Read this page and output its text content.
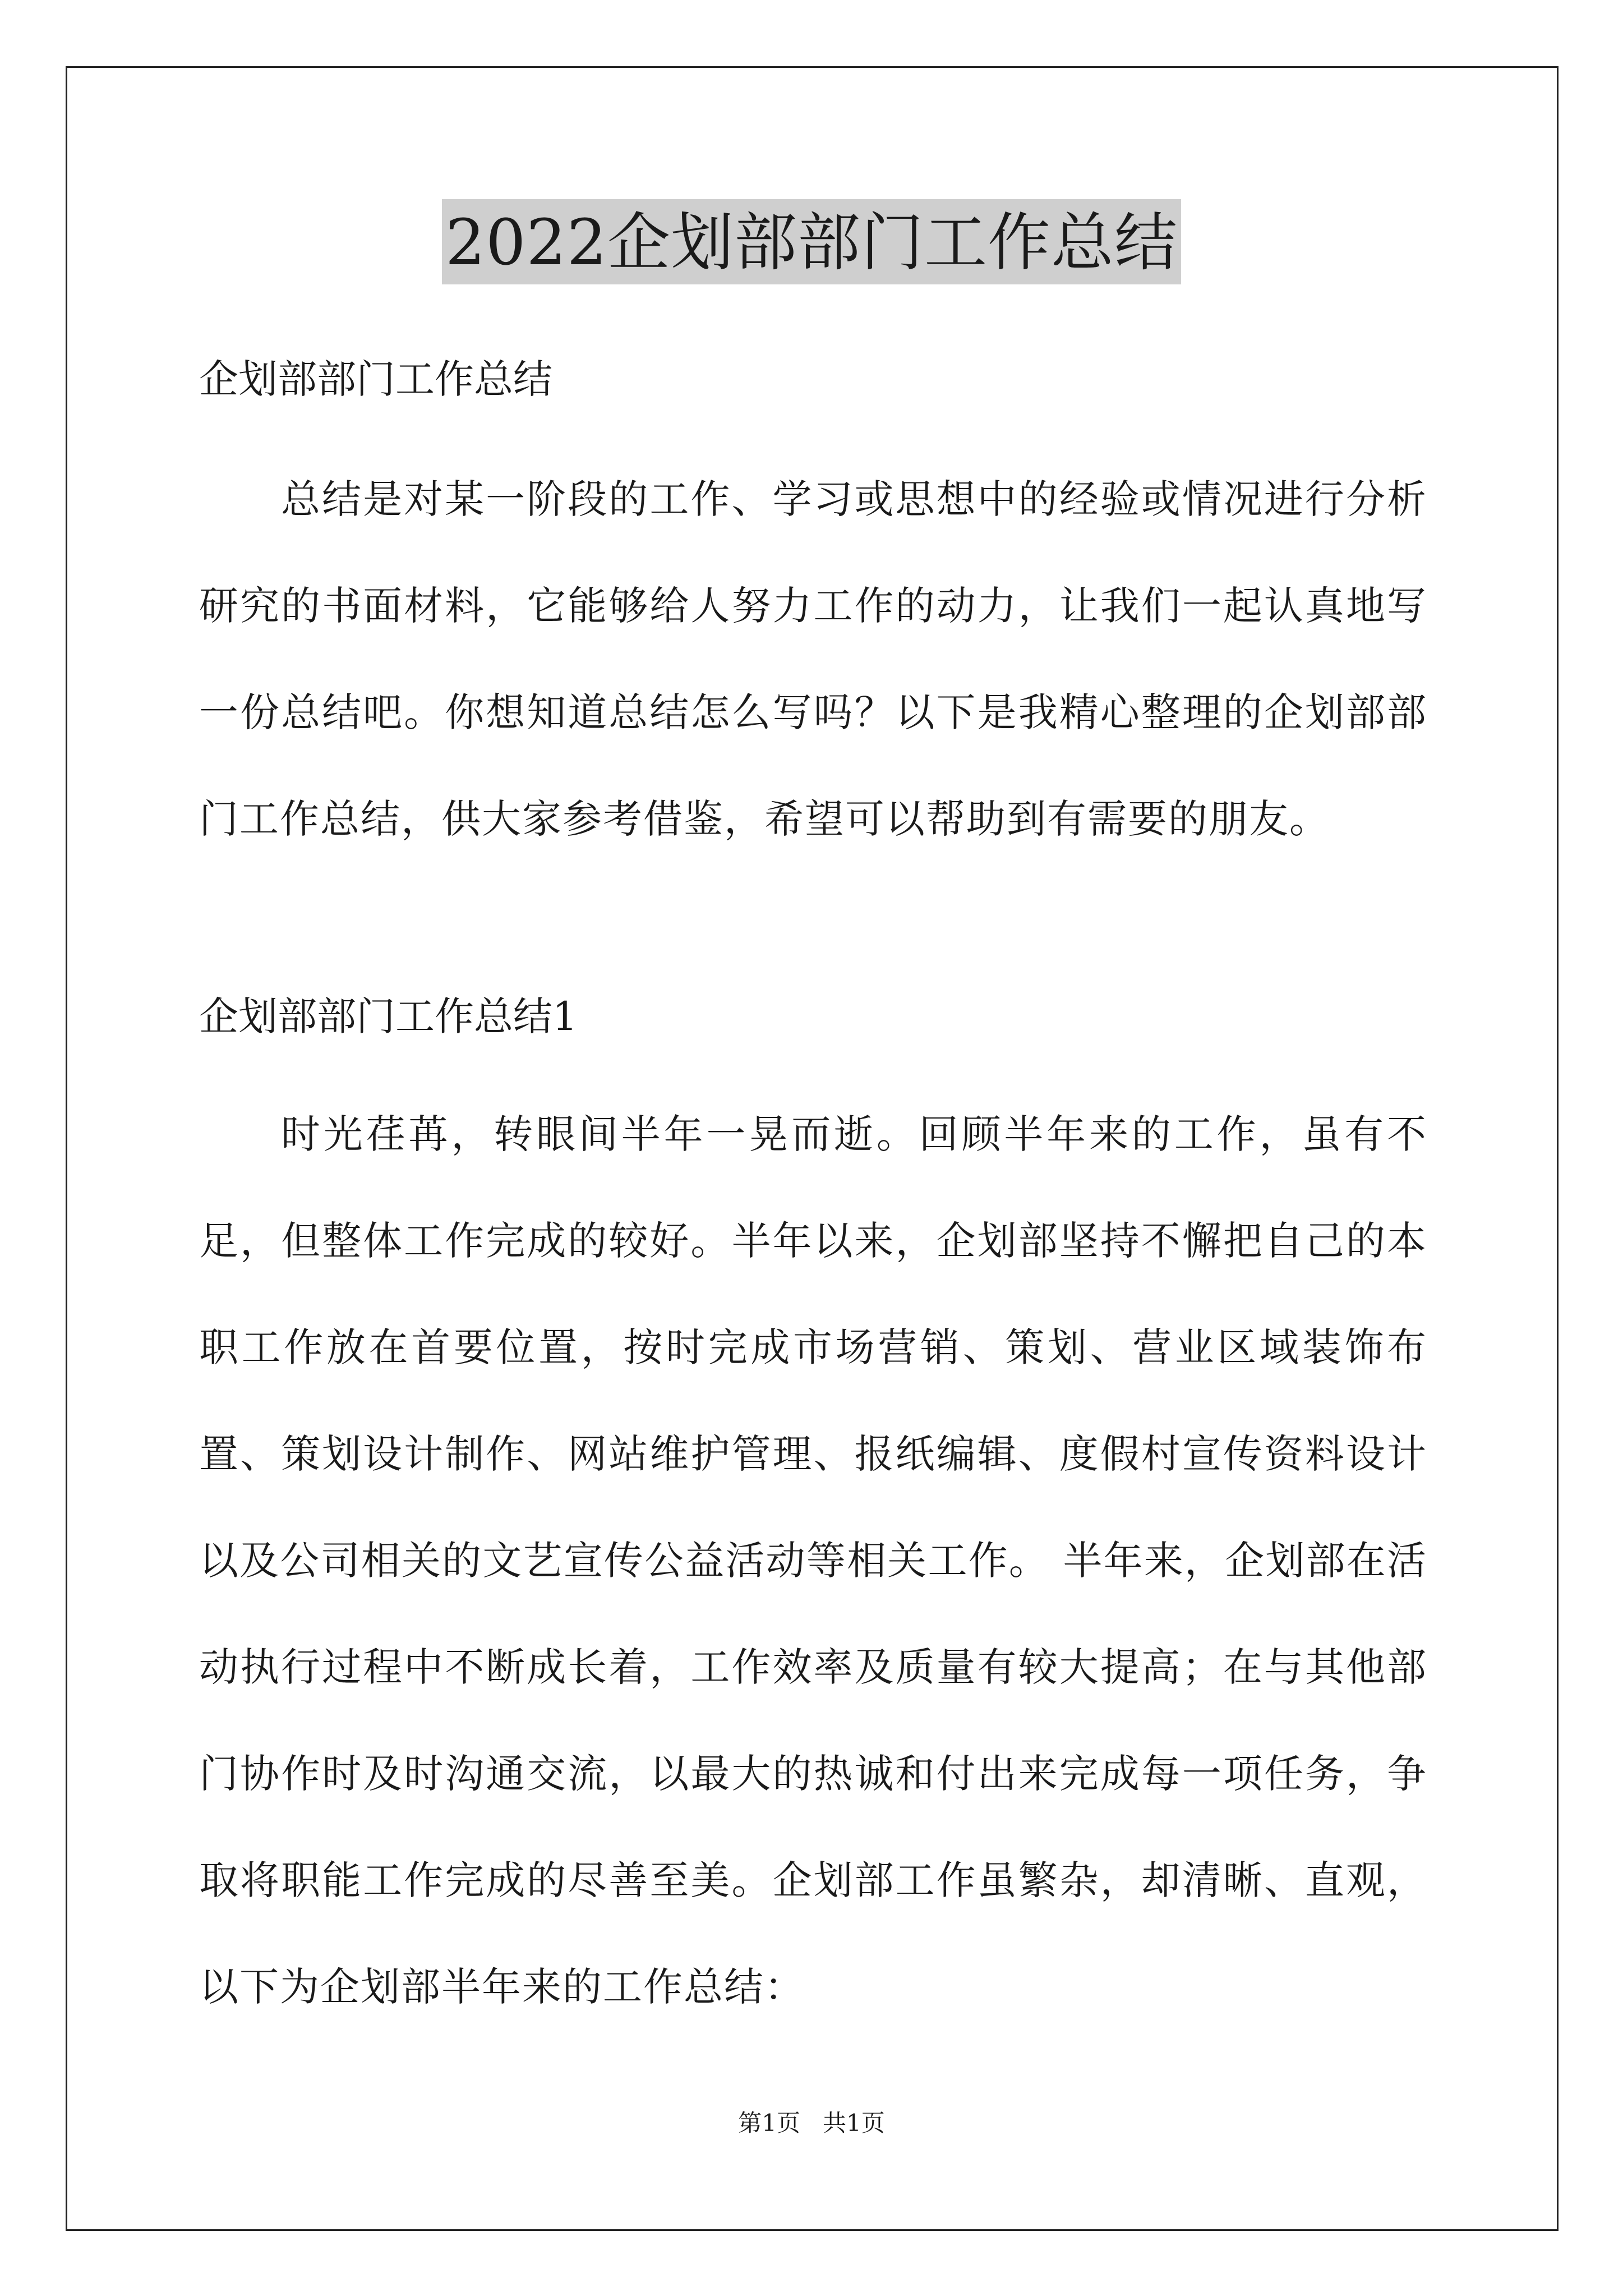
2022企划部部门工作总结

企划部部门工作总结

总结是对某一阶段的工作、学习或思想中的经验或情况进行分析研究的书面材料，它能够给人努力工作的动力，让我们一起认真地写一份总结吧。你想知道总结怎么写吗？以下是我精心整理的企划部部门工作总结，供大家参考借鉴，希望可以帮助到有需要的朋友。

企划部部门工作总结1

时光荏苒，转眼间半年一晃而逝。回顾半年来的工作，虽有不足，但整体工作完成的较好。半年以来，企划部坚持不懈把自己的本职工作放在首要位置，按时完成市场营销、策划、营业区域装饰布置、策划设计制作、网站维护管理、报纸编辑、度假村宣传资料设计以及公司相关的文艺宣传公益活动等相关工作。 半年来，企划部在活动执行过程中不断成长着，工作效率及质量有较大提高；在与其他部门协作时及时沟通交流，以最大的热诚和付出来完成每一项任务，争取将职能工作完成的尽善至美。企划部工作虽繁杂，却清晰、直观，以下为企划部半年来的工作总结：

第1页   共1页
